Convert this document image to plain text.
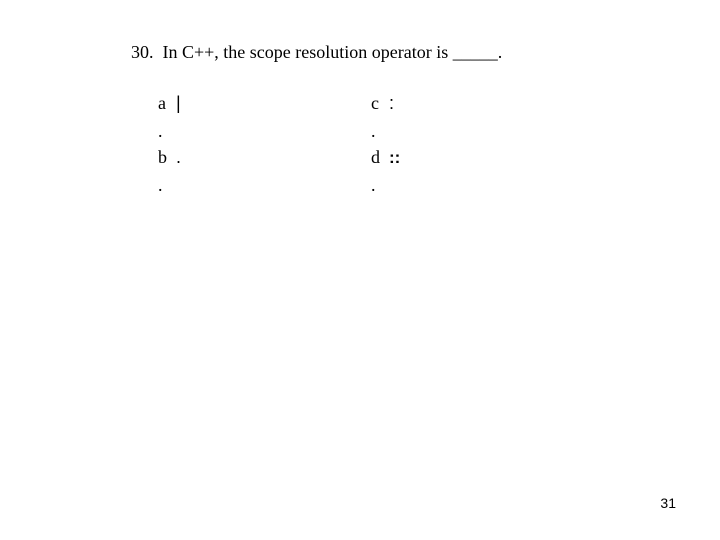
30.  In C++, the scope resolution operator is _____.
a |
.
b .
.
c :
.
d ::
.
31
